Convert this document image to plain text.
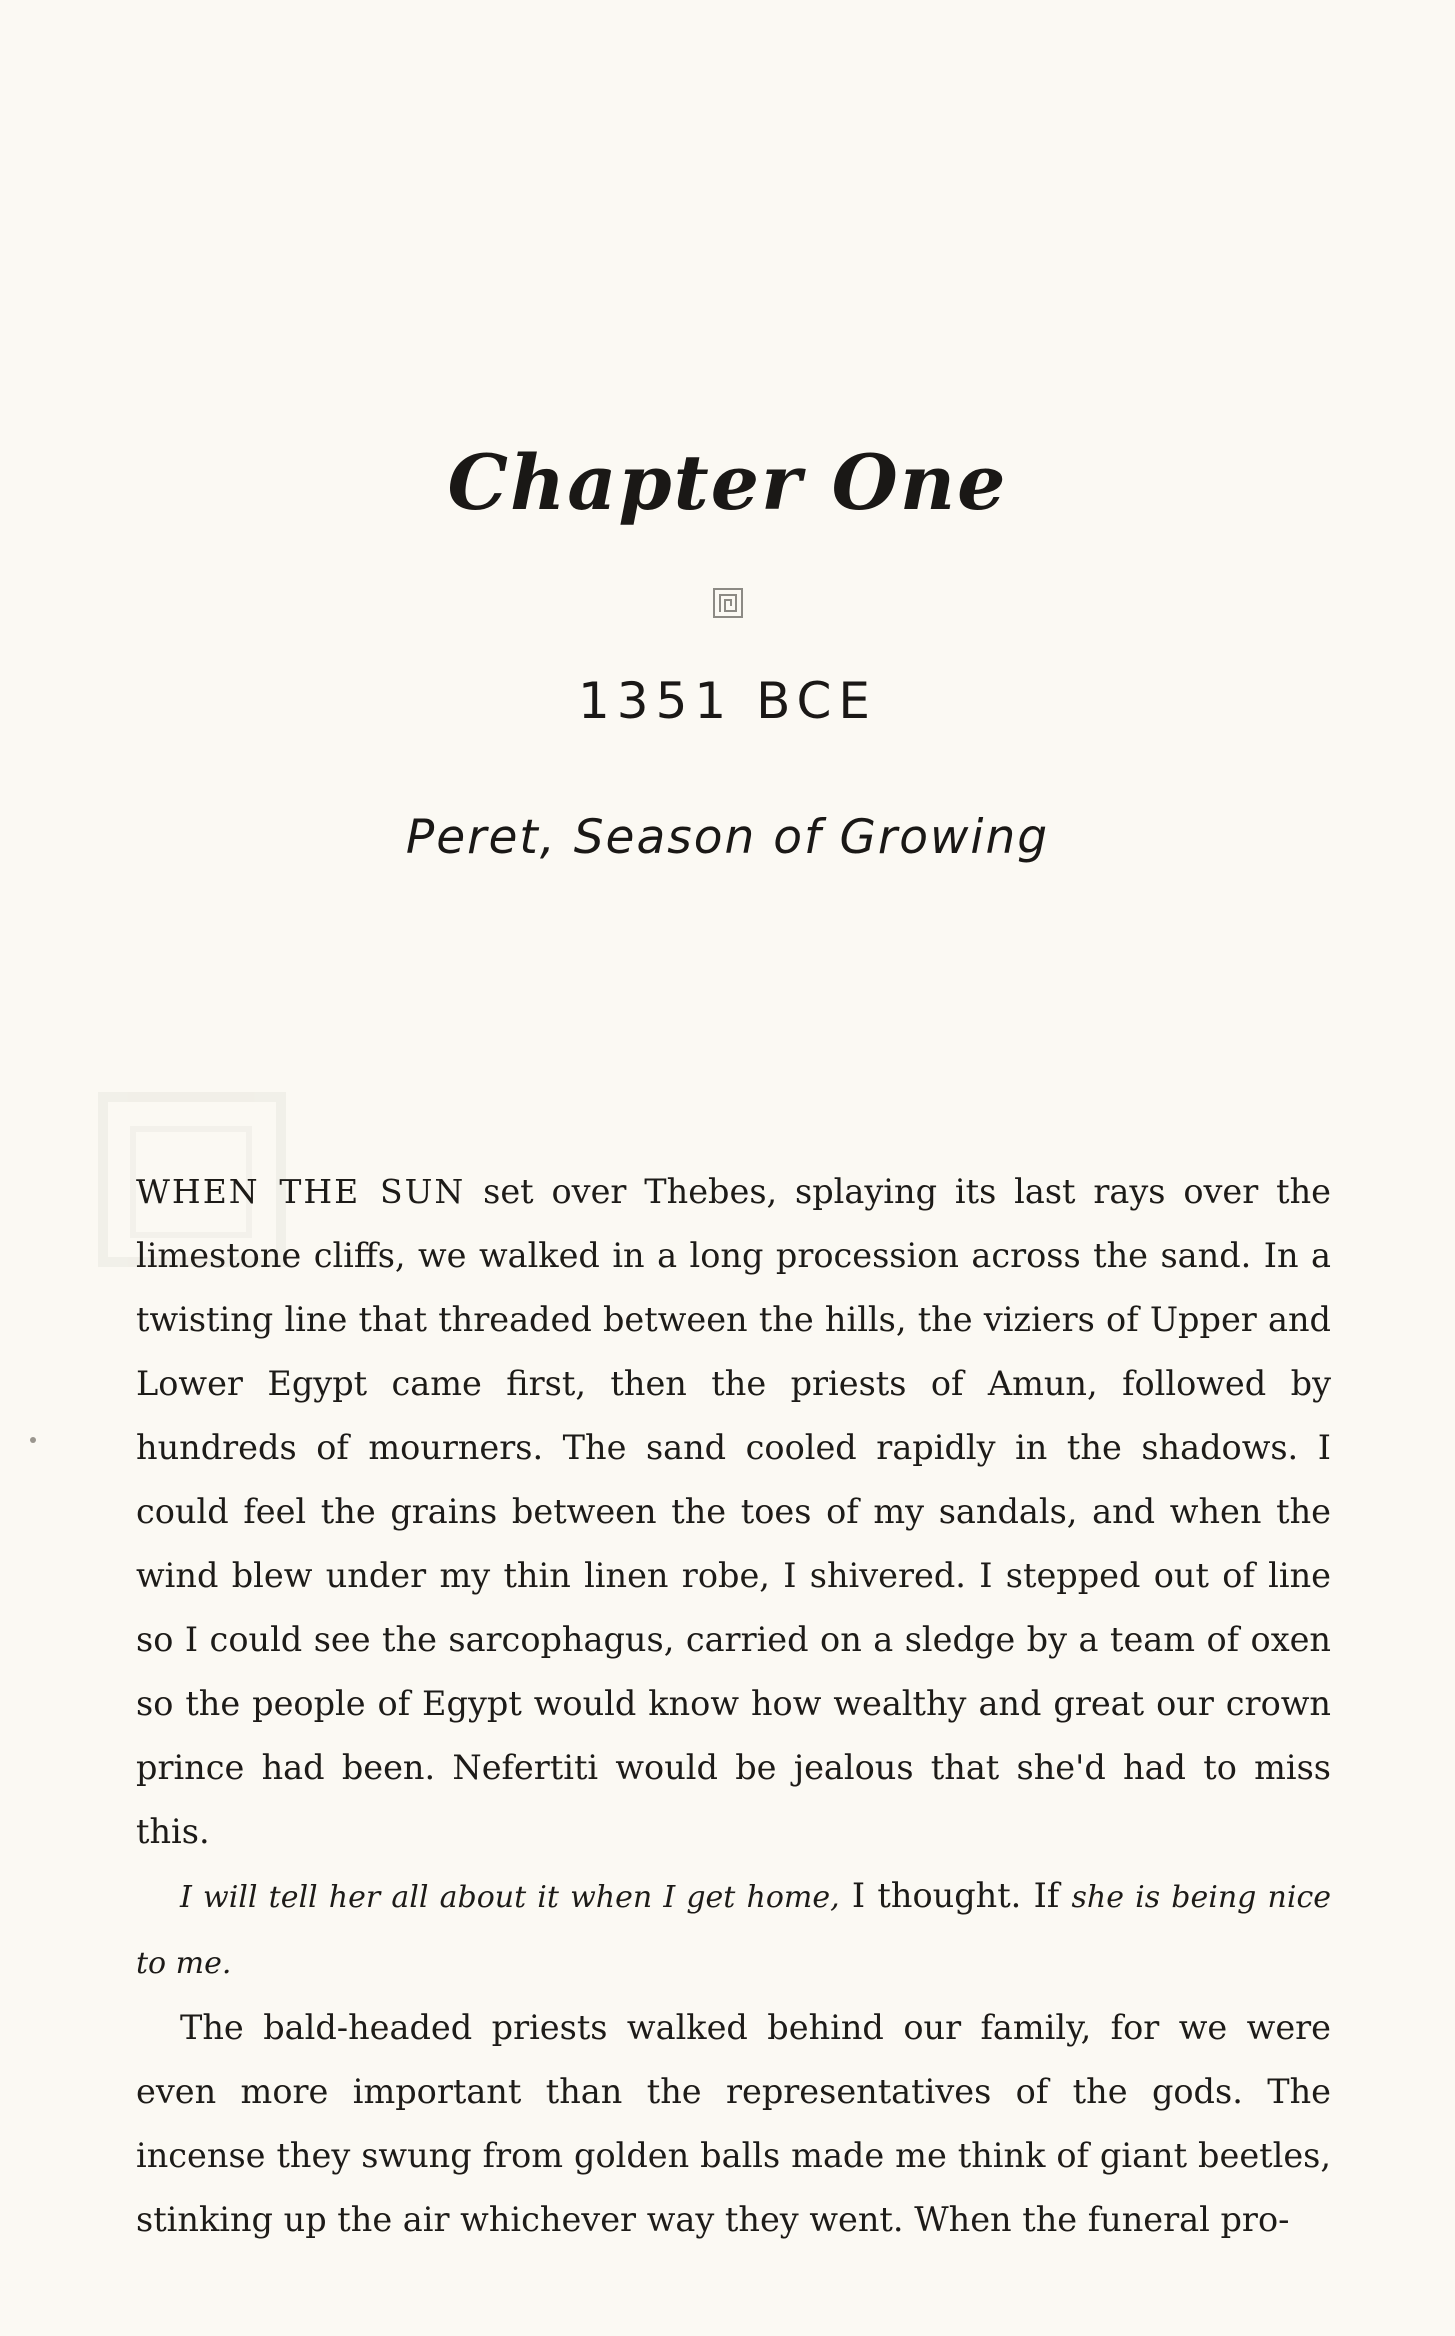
Chapter One
1351 BCE
Peret, Season of Growing

WHEN THE SUN set over Thebes, splaying its last rays over the limestone cliffs, we walked in a long procession across the sand. In a twisting line that threaded between the hills, the viziers of Upper and Lower Egypt came first, then the priests of Amun, followed by hundreds of mourners. The sand cooled rapidly in the shadows. I could feel the grains between the toes of my sandals, and when the wind blew under my thin linen robe, I shivered. I stepped out of line so I could see the sarcophagus, carried on a sledge by a team of oxen so the people of Egypt would know how wealthy and great our crown prince had been. Nefertiti would be jealous that she'd had to miss this.

I will tell her all about it when I get home, I thought. If she is being nice to me.

The bald-headed priests walked behind our family, for we were even more important than the representatives of the gods. The incense they swung from golden balls made me think of giant beetles, stinking up the air whichever way they went. When the funeral pro-
